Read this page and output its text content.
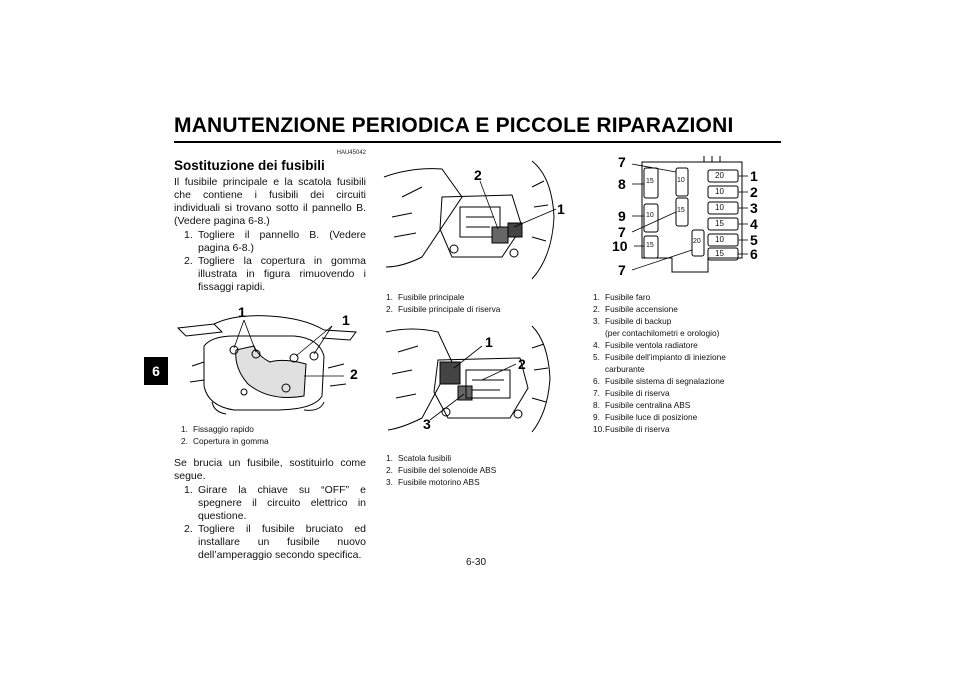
MANUTENZIONE PERIODICA E PICCOLE RIPARAZIONI
6
HAU45042
Sostituzione dei fusibili

Il fusibile principale e la scatola fusibili che contiene i fusibili dei circuiti individuali si trovano sotto il pannello B. (Vedere pagina 6-8.)

1. Togliere il pannello B. (Vedere pagina 6-8.)
2. Togliere la copertura in gomma illustrata in figura rimuovendo i fissaggi rapidi.
1	1
2
1. Fissaggio rapido
2. Copertura in gomma

Se brucia un fusibile, sostituirlo come segue.

1. Girare la chiave su “OFF” e spegnere il circuito elettrico in questione.
2. Togliere il fusibile bruciato ed installare un fusibile nuovo dell’amperaggio secondo specifica.
2
1
1. Fusibile principale
2. Fusibile principale di riserva
1
2
3
1. Scatola fusibili
2. Fusibile del solenoide ABS
3. Fusibile motorino ABS
20
10
10
15
10
15
15
10
15
10
15
20
7
8
9
7
10
7
1
2
3
4
5
6
1. Fusibile faro
2. Fusibile accensione
3. Fusibile di backup
(per contachilometri e orologio)
4. Fusibile ventola radiatore
5. Fusibile dell’impianto di iniezione
carburante
6. Fusibile sistema di segnalazione
7. Fusibile di riserva
8. Fusibile centralina ABS
9. Fusibile luce di posizione
10. Fusibile di riserva
6-30
